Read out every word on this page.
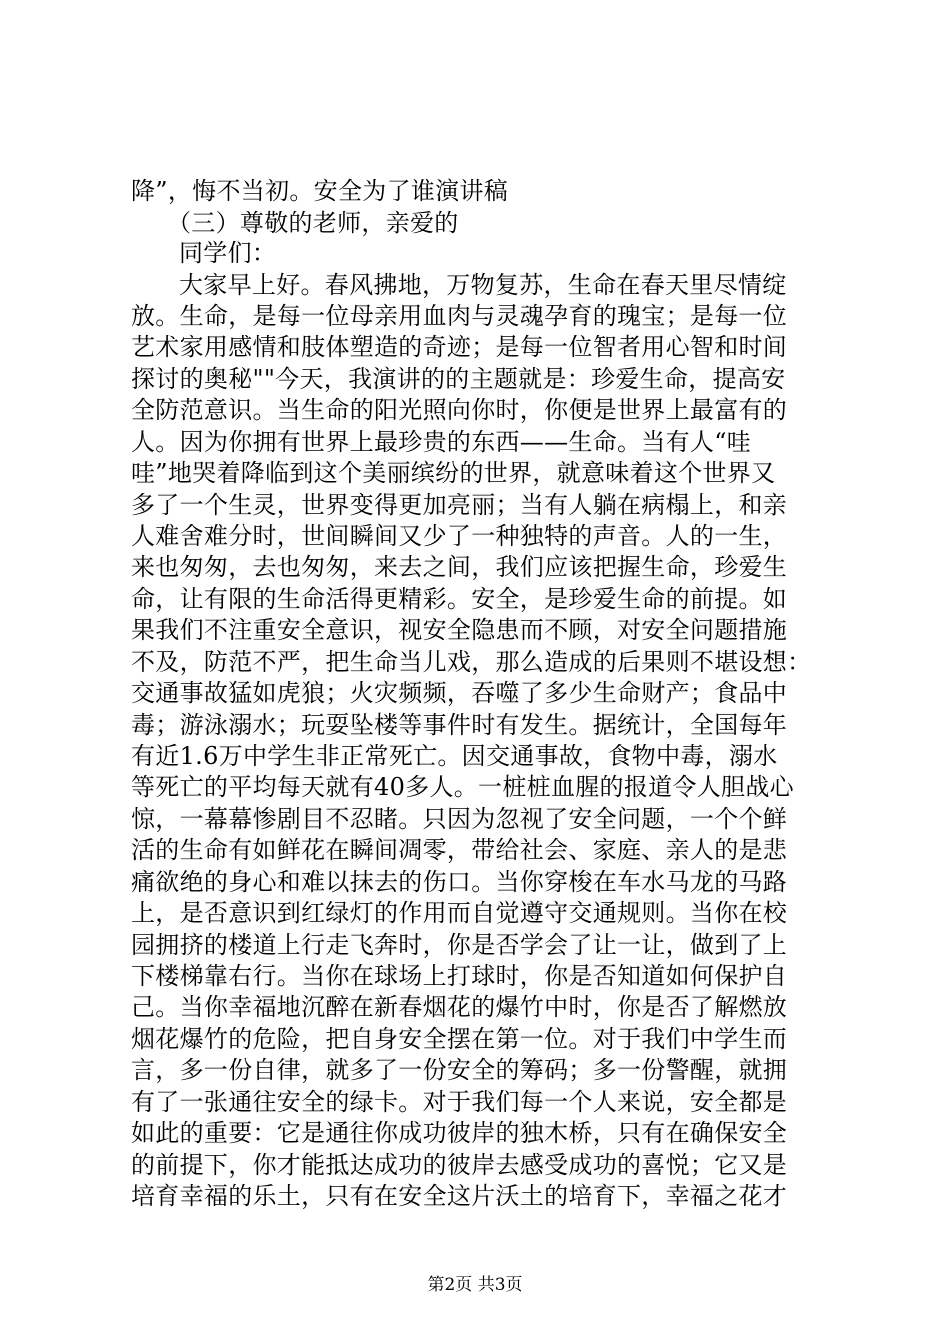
降”，悔不当初。安全为了谁演讲稿
（三）尊敬的老师，亲爱的
同学们：
大家早上好。春风拂地，万物复苏，生命在春天里尽情绽
放。生命，是每一位母亲用血肉与灵魂孕育的瑰宝；是每一位
艺术家用感情和肢体塑造的奇迹；是每一位智者用心智和时间
探讨的奥秘""今天，我演讲的的主题就是：珍爱生命，提高安
全防范意识。当生命的阳光照向你时，你便是世界上最富有的
人。因为你拥有世界上最珍贵的东西——生命。当有人“哇
哇”地哭着降临到这个美丽缤纷的世界，就意味着这个世界又
多了一个生灵，世界变得更加亮丽；当有人躺在病榻上，和亲
人难舍难分时，世间瞬间又少了一种独特的声音。人的一生，
来也匆匆，去也匆匆，来去之间，我们应该把握生命，珍爱生
命，让有限的生命活得更精彩。安全，是珍爱生命的前提。如
果我们不注重安全意识，视安全隐患而不顾，对安全问题措施
不及，防范不严，把生命当儿戏，那么造成的后果则不堪设想：
交通事故猛如虎狼；火灾频频，吞噬了多少生命财产；食品中
毒；游泳溺水；玩耍坠楼等事件时有发生。据统计，全国每年
有近1.6万中学生非正常死亡。因交通事故，食物中毒，溺水
等死亡的平均每天就有40多人。一桩桩血腥的报道令人胆战心
惊，一幕幕惨剧目不忍睹。只因为忽视了安全问题，一个个鲜
活的生命有如鲜花在瞬间凋零，带给社会、家庭、亲人的是悲
痛欲绝的身心和难以抹去的伤口。当你穿梭在车水马龙的马路
上，是否意识到红绿灯的作用而自觉遵守交通规则。当你在校
园拥挤的楼道上行走飞奔时，你是否学会了让一让，做到了上
下楼梯靠右行。当你在球场上打球时，你是否知道如何保护自
己。当你幸福地沉醉在新春烟花的爆竹中时，你是否了解燃放
烟花爆竹的危险，把自身安全摆在第一位。对于我们中学生而
言，多一份自律，就多了一份安全的筹码；多一份警醒，就拥
有了一张通往安全的绿卡。对于我们每一个人来说，安全都是
如此的重要：它是通往你成功彼岸的独木桥，只有在确保安全
的前提下，你才能抵达成功的彼岸去感受成功的喜悦；它又是
培育幸福的乐土，只有在安全这片沃土的培育下，幸福之花才
第2页 共3页
